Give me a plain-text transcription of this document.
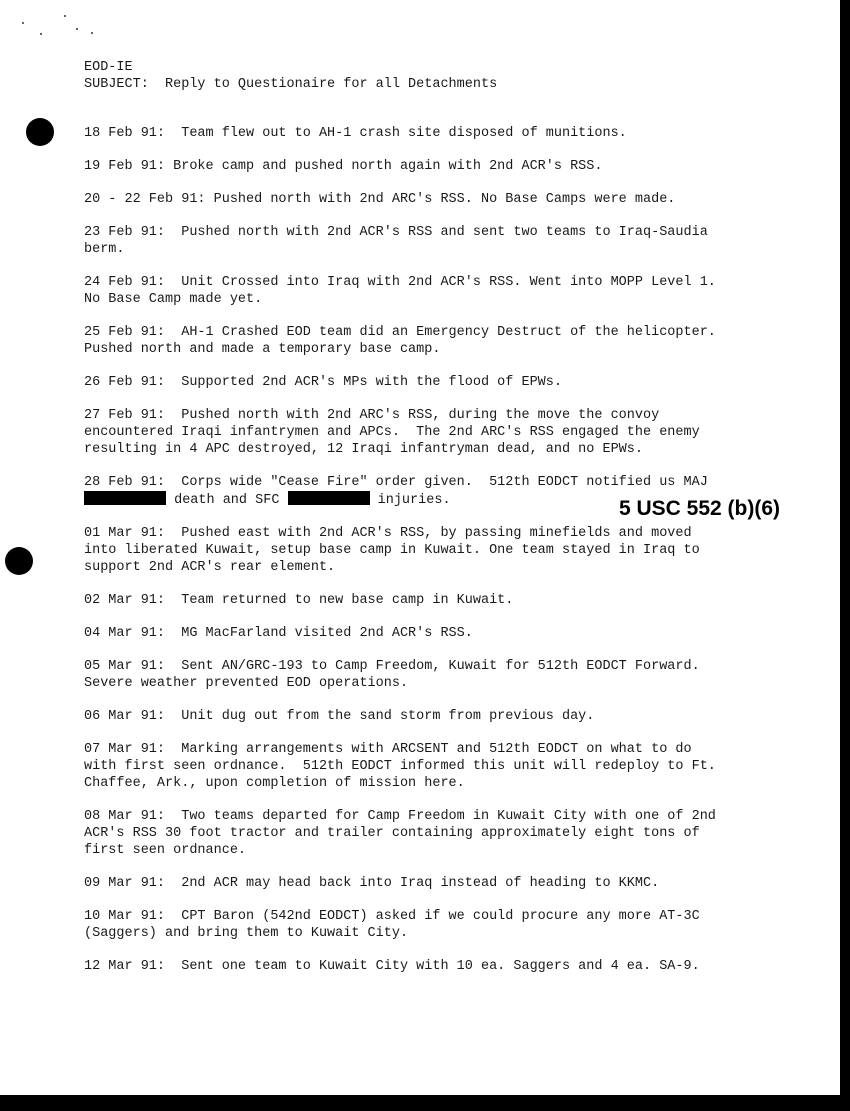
EOD-IE
SUBJECT:  Reply to Questionaire for all Detachments

18 Feb 91:  Team flew out to AH-1 crash site disposed of munitions.

19 Feb 91: Broke camp and pushed north again with 2nd ACR's RSS.

20 - 22 Feb 91: Pushed north with 2nd ARC's RSS. No Base Camps were made.

23 Feb 91:  Pushed north with 2nd ACR's RSS and sent two teams to Iraq-Saudia

berm.

24 Feb 91:  Unit Crossed into Iraq with 2nd ACR's RSS. Went into MOPP Level 1.

No Base Camp made yet.

25 Feb 91:  AH-1 Crashed EOD team did an Emergency Destruct of the helicopter.

Pushed north and made a temporary base camp.

26 Feb 91:  Supported 2nd ACR's MPs with the flood of EPWs.

27 Feb 91:  Pushed north with 2nd ARC's RSS, during the move the convoy

encountered Iraqi infantrymen and APCs.  The 2nd ARC's RSS engaged the enemy

resulting in 4 APC destroyed, 12 Iraqi infantryman dead, and no EPWs.

28 Feb 91:  Corps wide "Cease Fire" order given.  512th EODCT notified us MAJ

death and SFC	injuries.

01 Mar 91:  Pushed east with 2nd ACR's RSS, by passing minefields and moved

into liberated Kuwait, setup base camp in Kuwait. One team stayed in Iraq to

support 2nd ACR's rear element.

02 Mar 91:  Team returned to new base camp in Kuwait.

04 Mar 91:  MG MacFarland visited 2nd ACR's RSS.

05 Mar 91:  Sent AN/GRC-193 to Camp Freedom, Kuwait for 512th EODCT Forward.

Severe weather prevented EOD operations.

06 Mar 91:  Unit dug out from the sand storm from previous day.

07 Mar 91:  Marking arrangements with ARCSENT and 512th EODCT on what to do

with first seen ordnance.  512th EODCT informed this unit will redeploy to Ft.

Chaffee, Ark., upon completion of mission here.

08 Mar 91:  Two teams departed for Camp Freedom in Kuwait City with one of 2nd

ACR's RSS 30 foot tractor and trailer containing approximately eight tons of

first seen ordnance.

09 Mar 91:  2nd ACR may head back into Iraq instead of heading to KKMC.

10 Mar 91:  CPT Baron (542nd EODCT) asked if we could procure any more AT-3C

(Saggers) and bring them to Kuwait City.

12 Mar 91:  Sent one team to Kuwait City with 10 ea. Saggers and 4 ea. SA-9.

5 USC 552 (b)(6)
